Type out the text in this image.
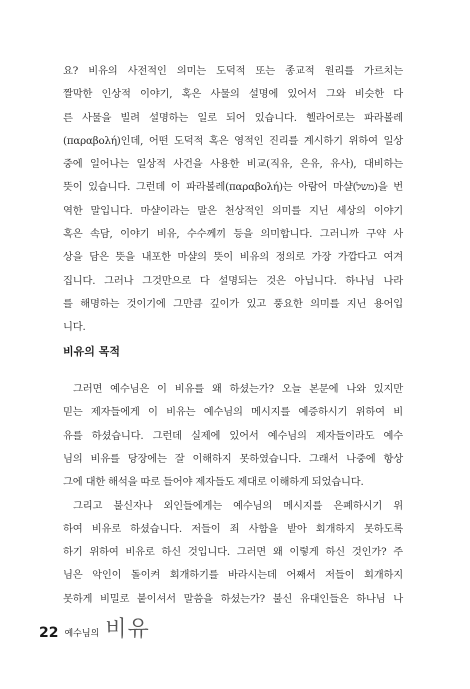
요? 비유의 사전적인 의미는 도덕적 또는 종교적 원리를 가르치는
짤막한 인상적 이야기, 혹은 사물의 설명에 있어서 그와 비슷한 다
른 사물을 빌려 설명하는 일로 되어 있습니다. 헬라어로는 파라볼레
(παραβολή)인데, 어떤 도덕적 혹은 영적인 진리를 계시하기 위하여 일상
중에 일어나는 일상적 사건을 사용한 비교(직유, 은유, 유사), 대비하는
뜻이 있습니다. 그런데 이 파라볼레(παραβολή)는 아람어 마샬(משל)을 번
역한 말입니다. 마샬이라는 말은 천상적인 의미를 지닌 세상의 이야기
혹은 속담, 이야기 비유, 수수께끼 등을 의미합니다. 그러니까 구약 사
상을 담은 뜻을 내포한 마샬의 뜻이 비유의 정의로 가장 가깝다고 여겨
집니다. 그러나 그것만으로 다 설명되는 것은 아닙니다. 하나님 나라
를 해명하는 것이기에 그만큼 깊이가 있고 풍요한 의미를 지닌 용어입
니다.
비유의 목적
그러면 예수님은 이 비유를 왜 하셨는가? 오늘 본문에 나와 있지만
믿는 제자들에게 이 비유는 예수님의 메시지를 예증하시기 위하여 비
유를 하셨습니다. 그런데 실제에 있어서 예수님의 제자들이라도 예수
님의 비유를 당장에는 잘 이해하지 못하였습니다. 그래서 나중에 항상
그에 대한 해석을 따로 들어야 제자들도 제대로 이해하게 되었습니다.
그리고 불신자나 외인들에게는 예수님의 메시지를 은폐하시기 위
하여 비유로 하셨습니다. 저들이 죄 사함을 받아 회개하지 못하도록
하기 위하여 비유로 하신 것입니다. 그러면 왜 이렇게 하신 것인가? 주
님은 악인이 돌이켜 회개하기를 바라시는데 어째서 저들이 회개하지
못하게 비밀로 붙이셔서 말씀을 하셨는가? 불신 유대인들은 하나님 나
22 예수님의 비유
